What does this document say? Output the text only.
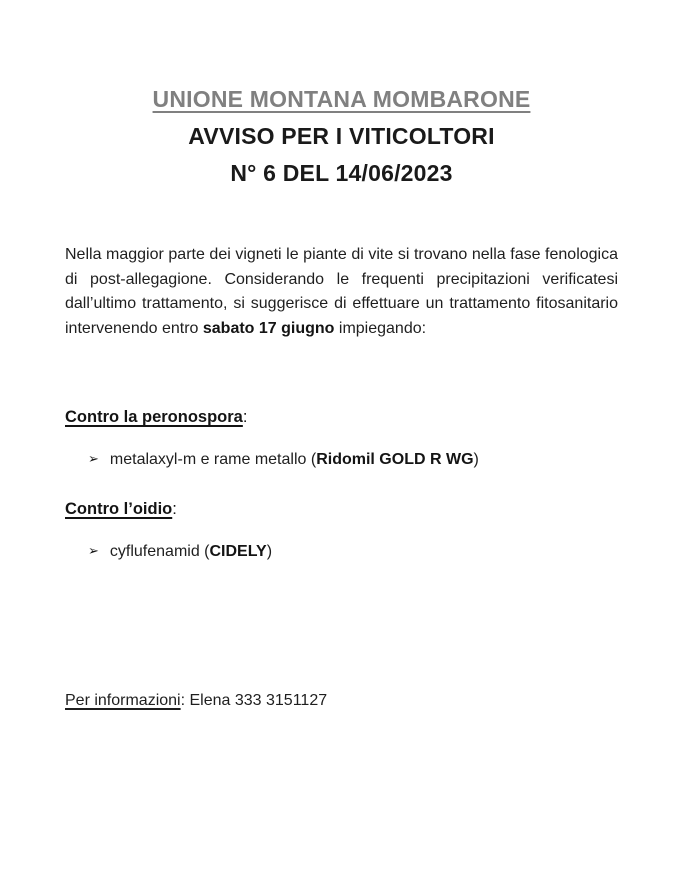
UNIONE MONTANA MOMBARONE
AVVISO PER I VITICOLTORI
N° 6 DEL 14/06/2023

Nella maggior parte dei vigneti le piante di vite si trovano nella fase fenologica di post-allegagione. Considerando le frequenti precipitazioni verificatesi dall’ultimo trattamento, si suggerisce di effettuare un trattamento fitosanitario intervenendo entro sabato 17 giugno impiegando:

Contro la peronospora:
➢ metalaxyl-m e rame metallo (Ridomil GOLD R WG)
Contro l’oidio:
➢ cyflufenamid (CIDELY)

Per informazioni: Elena 333 3151127
